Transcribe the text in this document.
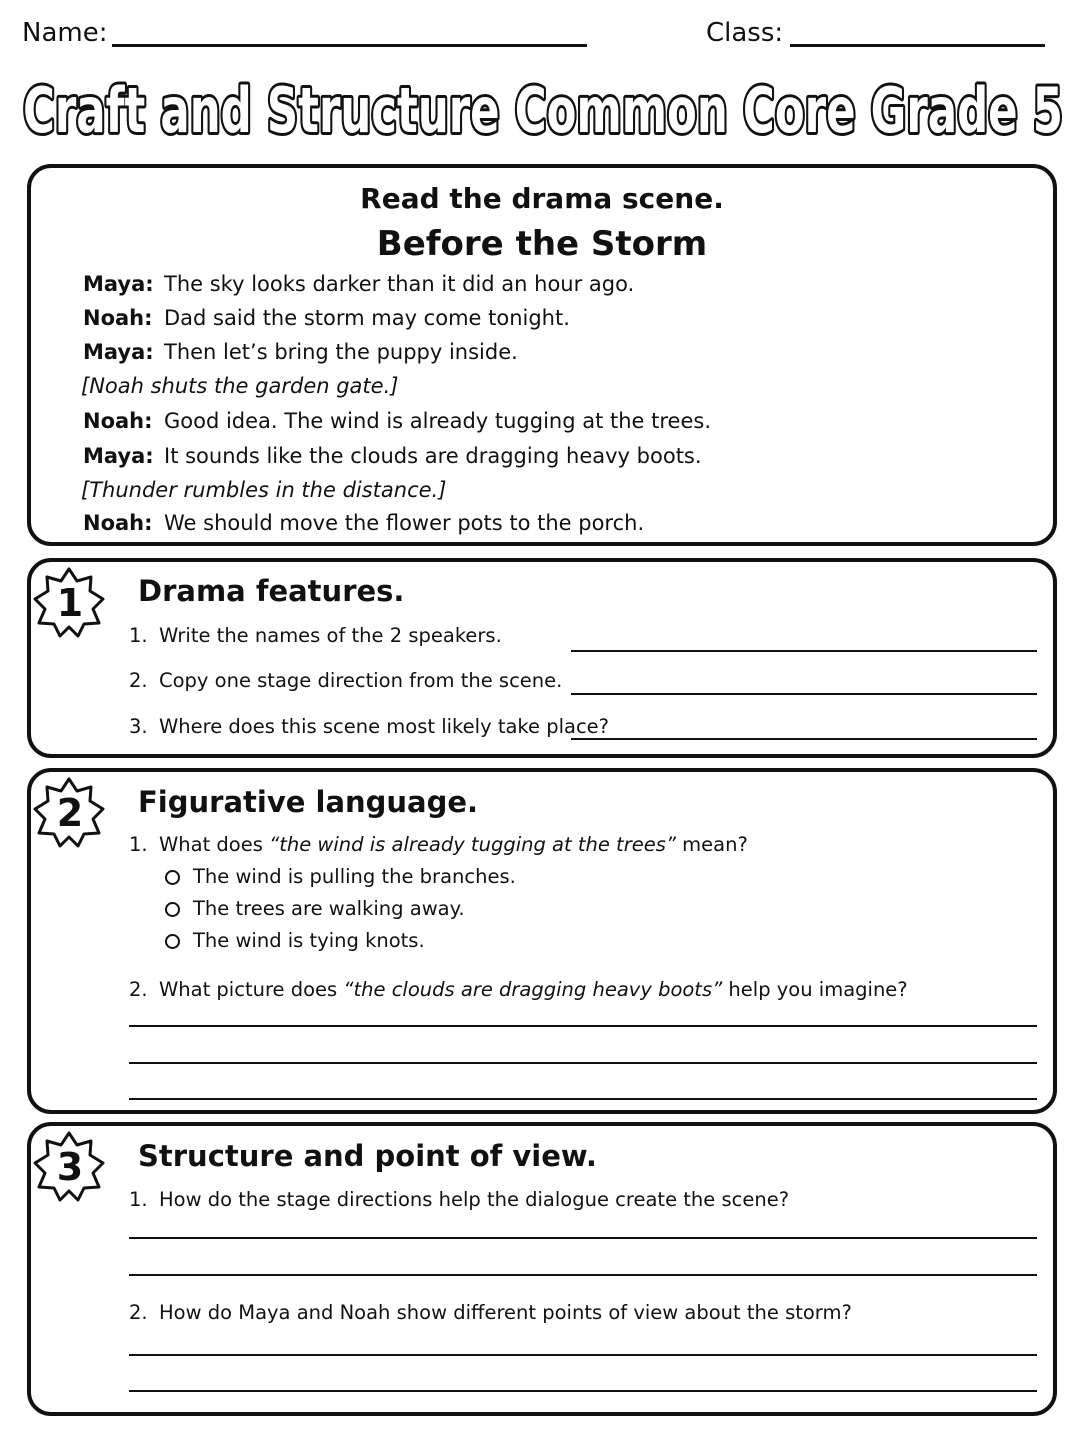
Name:	Class:
Craft and Structure Common Core Grade 5
Read the drama scene.
Before the Storm
Maya: The sky looks darker than it did an hour ago.
Noah: Dad said the storm may come tonight.
Maya: Then let’s bring the puppy inside.
[Noah shuts the garden gate.]
Noah: Good idea. The wind is already tugging at the trees.
Maya: It sounds like the clouds are dragging heavy boots.
[Thunder rumbles in the distance.]
Noah: We should move the flower pots to the porch.
1 Drama features.
1. Write the names of the 2 speakers.
2. Copy one stage direction from the scene.
3. Where does this scene most likely take place?
2 Figurative language.
1. What does “the wind is already tugging at the trees” mean?
The wind is pulling the branches.
The trees are walking away.
The wind is tying knots.
2. What picture does “the clouds are dragging heavy boots” help you imagine?
3 Structure and point of view.
1. How do the stage directions help the dialogue create the scene?
2. How do Maya and Noah show different points of view about the storm?
